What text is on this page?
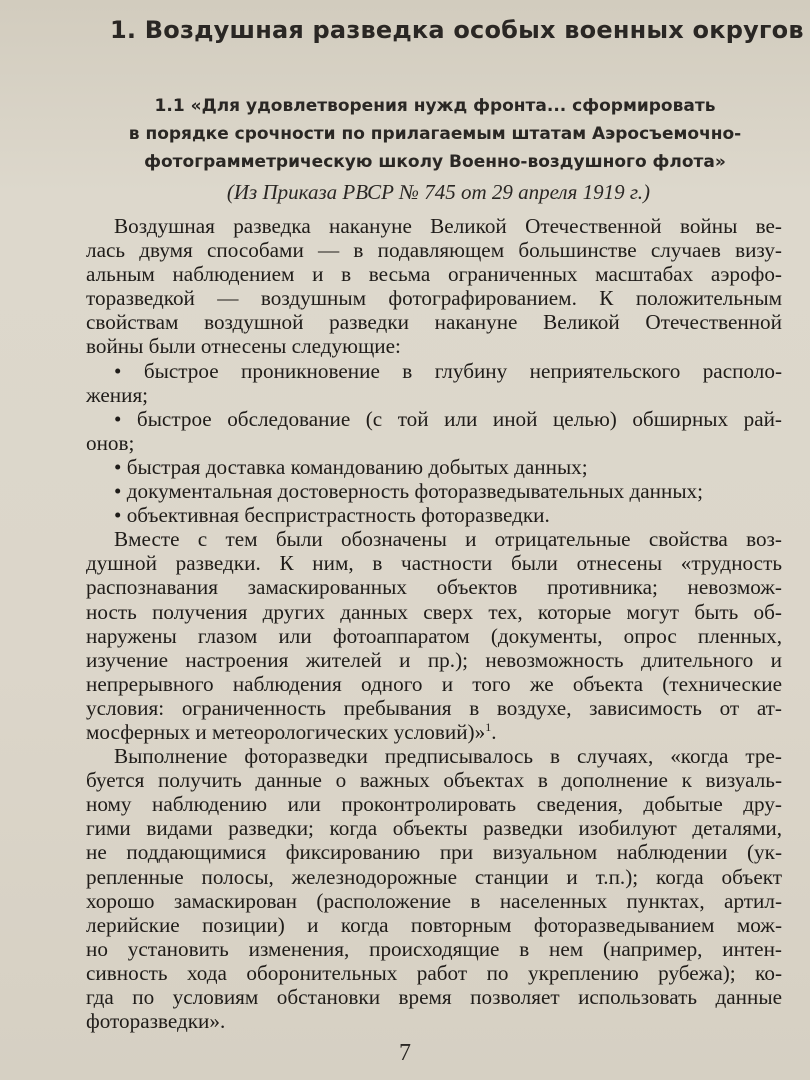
1. Воздушная разведка особых военных округов
1.1 «Для удовлетворения нужд фронта... сформировать
в порядке срочности по прилагаемым штатам Аэросъемочно-
фотограмметрическую школу Военно-воздушного флота»
(Из Приказа РВСР № 745 от 29 апреля 1919 г.)
Воздушная разведка накануне Великой Отечественной войны ве-
лась двумя способами — в подавляющем большинстве случаев визу-
альным наблюдением и в весьма ограниченных масштабах аэрофо-
торазведкой — воздушным фотографированием. К положительным
свойствам воздушной разведки накануне Великой Отечественной
войны были отнесены следующие:
• быстрое проникновение в глубину неприятельского располо-
жения;
• быстрое обследование (с той или иной целью) обширных рай-
онов;
• быстрая доставка командованию добытых данных;
• документальная достоверность фоторазведывательных данных;
• объективная беспристрастность фоторазведки.
Вместе с тем были обозначены и отрицательные свойства воз-
душной разведки. К ним, в частности были отнесены «трудность
распознавания замаскированных объектов противника; невозмож-
ность получения других данных сверх тех, которые могут быть об-
наружены глазом или фотоаппаратом (документы, опрос пленных,
изучение настроения жителей и пр.); невозможность длительного и
непрерывного наблюдения одного и того же объекта (технические
условия: ограниченность пребывания в воздухе, зависимость от ат-
мосферных и метеорологических условий)»$^1$.
Выполнение фоторазведки предписывалось в случаях, «когда тре-
буется получить данные о важных объектах в дополнение к визуаль-
ному наблюдению или проконтролировать сведения, добытые дру-
гими видами разведки; когда объекты разведки изобилуют деталями,
не поддающимися фиксированию при визуальном наблюдении (ук-
репленные полосы, железнодорожные станции и т.п.); когда объект
хорошо замаскирован (расположение в населенных пунктах, артил-
лерийские позиции) и когда повторным фоторазведыванием мож-
но установить изменения, происходящие в нем (например, интен-
сивность хода оборонительных работ по укреплению рубежа); ко-
гда по условиям обстановки время позволяет использовать данные
фоторазведки».
7
